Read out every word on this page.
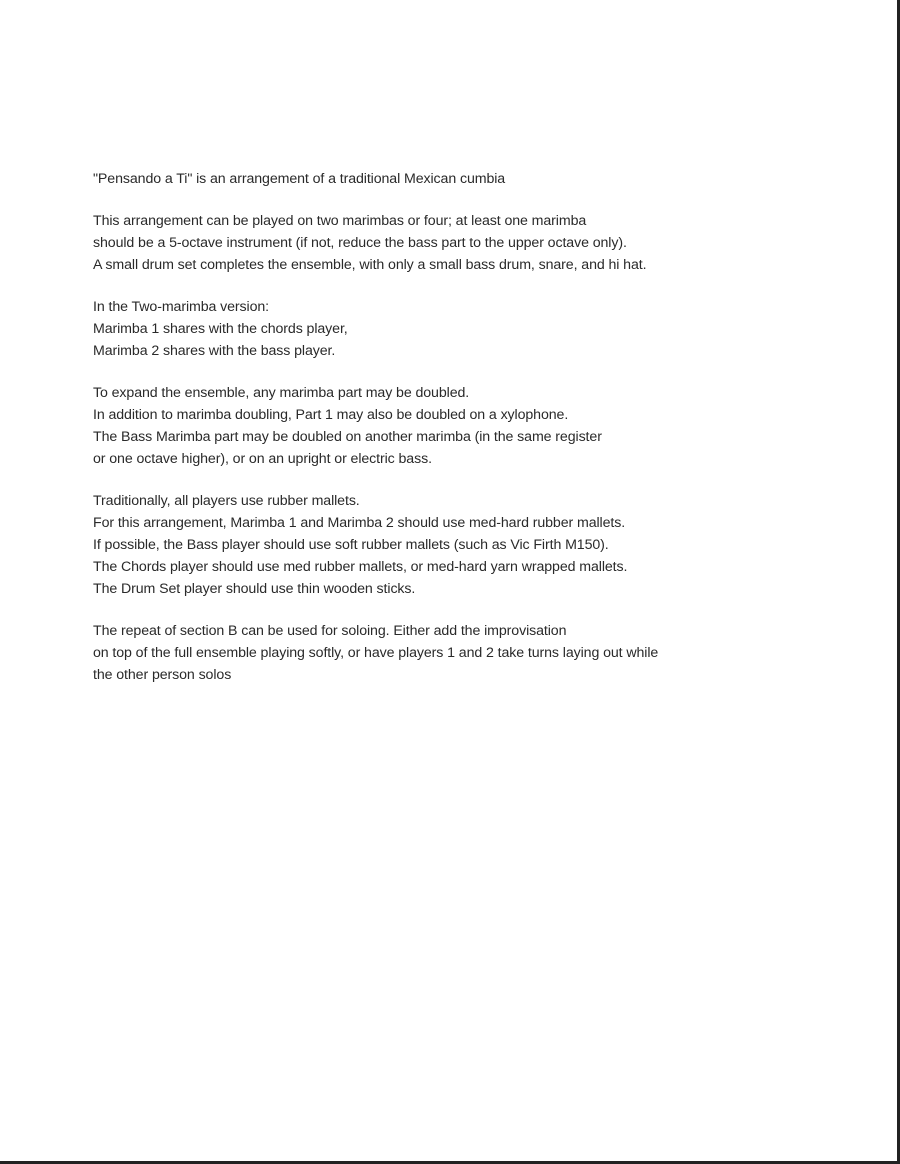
"Pensando a Ti" is an arrangement of a traditional Mexican cumbia
This arrangement can be played on two marimbas or four; at least one marimba
should be a 5-octave instrument (if not, reduce the bass part to the upper octave only).
A small drum set completes the ensemble, with only a small bass drum, snare, and hi hat.
In the Two-marimba version:
Marimba 1 shares with the chords player,
Marimba 2 shares with the bass player.
To expand the ensemble, any marimba part may be doubled.
In addition to marimba doubling, Part 1 may also be doubled on a xylophone.
The Bass Marimba part may be doubled on another marimba (in the same register
or one octave higher), or on an upright or electric bass.
Traditionally, all players use rubber mallets.
For this arrangement, Marimba 1 and Marimba 2 should use med-hard rubber mallets.
If possible, the Bass player should use soft rubber mallets (such as Vic Firth M150).
The Chords player should use med rubber mallets, or med-hard yarn wrapped mallets.
The Drum Set player should use thin wooden sticks.
The repeat of section B can be used for soloing. Either add the improvisation
on top of the full ensemble playing softly, or have players 1 and 2 take turns laying out while
the other person solos
